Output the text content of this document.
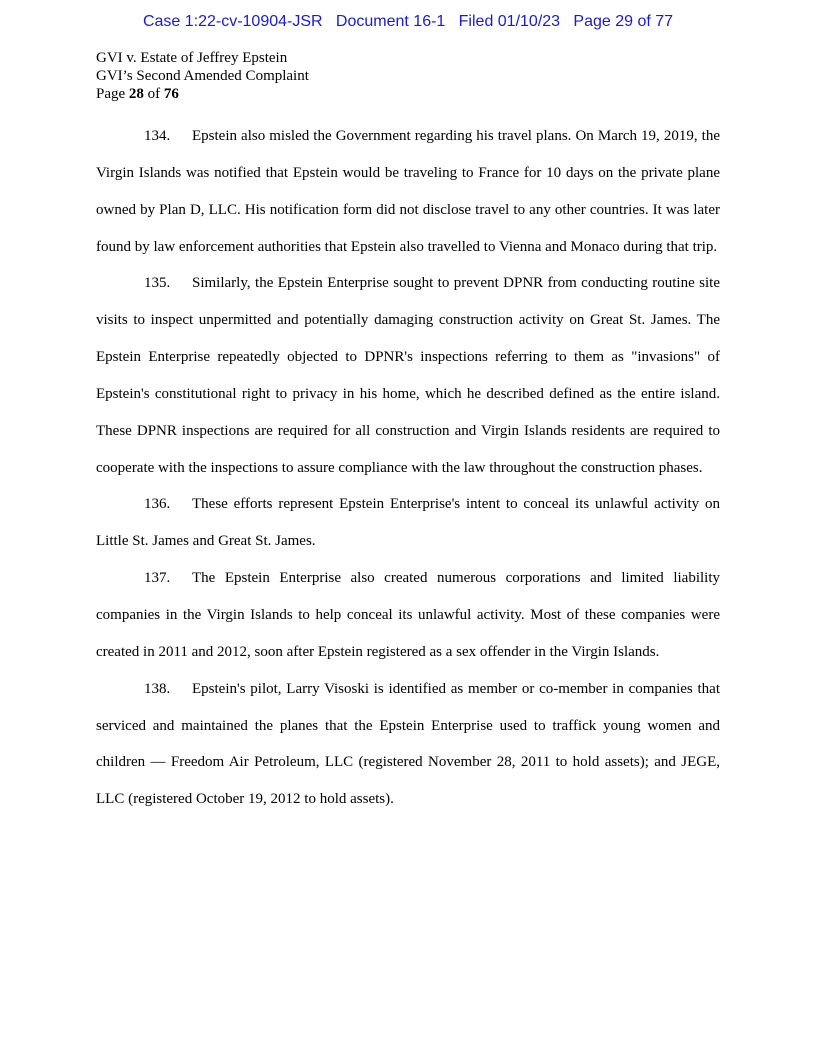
Case 1:22-cv-10904-JSR Document 16-1 Filed 01/10/23 Page 29 of 77
GVI v. Estate of Jeffrey Epstein
GVI’s Second Amended Complaint
Page 28 of 76

134. Epstein also misled the Government regarding his travel plans. On March 19, 2019, the Virgin Islands was notified that Epstein would be traveling to France for 10 days on the private plane owned by Plan D, LLC. His notification form did not disclose travel to any other countries. It was later found by law enforcement authorities that Epstein also travelled to Vienna and Monaco during that trip.

135. Similarly, the Epstein Enterprise sought to prevent DPNR from conducting routine site visits to inspect unpermitted and potentially damaging construction activity on Great St. James. The Epstein Enterprise repeatedly objected to DPNR's inspections referring to them as "invasions" of Epstein's constitutional right to privacy in his home, which he described defined as the entire island. These DPNR inspections are required for all construction and Virgin Islands residents are required to cooperate with the inspections to assure compliance with the law throughout the construction phases.

136. These efforts represent Epstein Enterprise's intent to conceal its unlawful activity on Little St. James and Great St. James.

137. The Epstein Enterprise also created numerous corporations and limited liability companies in the Virgin Islands to help conceal its unlawful activity. Most of these companies were created in 2011 and 2012, soon after Epstein registered as a sex offender in the Virgin Islands.

138. Epstein's pilot, Larry Visoski is identified as member or co-member in companies that serviced and maintained the planes that the Epstein Enterprise used to traffick young women and children — Freedom Air Petroleum, LLC (registered November 28, 2011 to hold assets); and JEGE, LLC (registered October 19, 2012 to hold assets).
